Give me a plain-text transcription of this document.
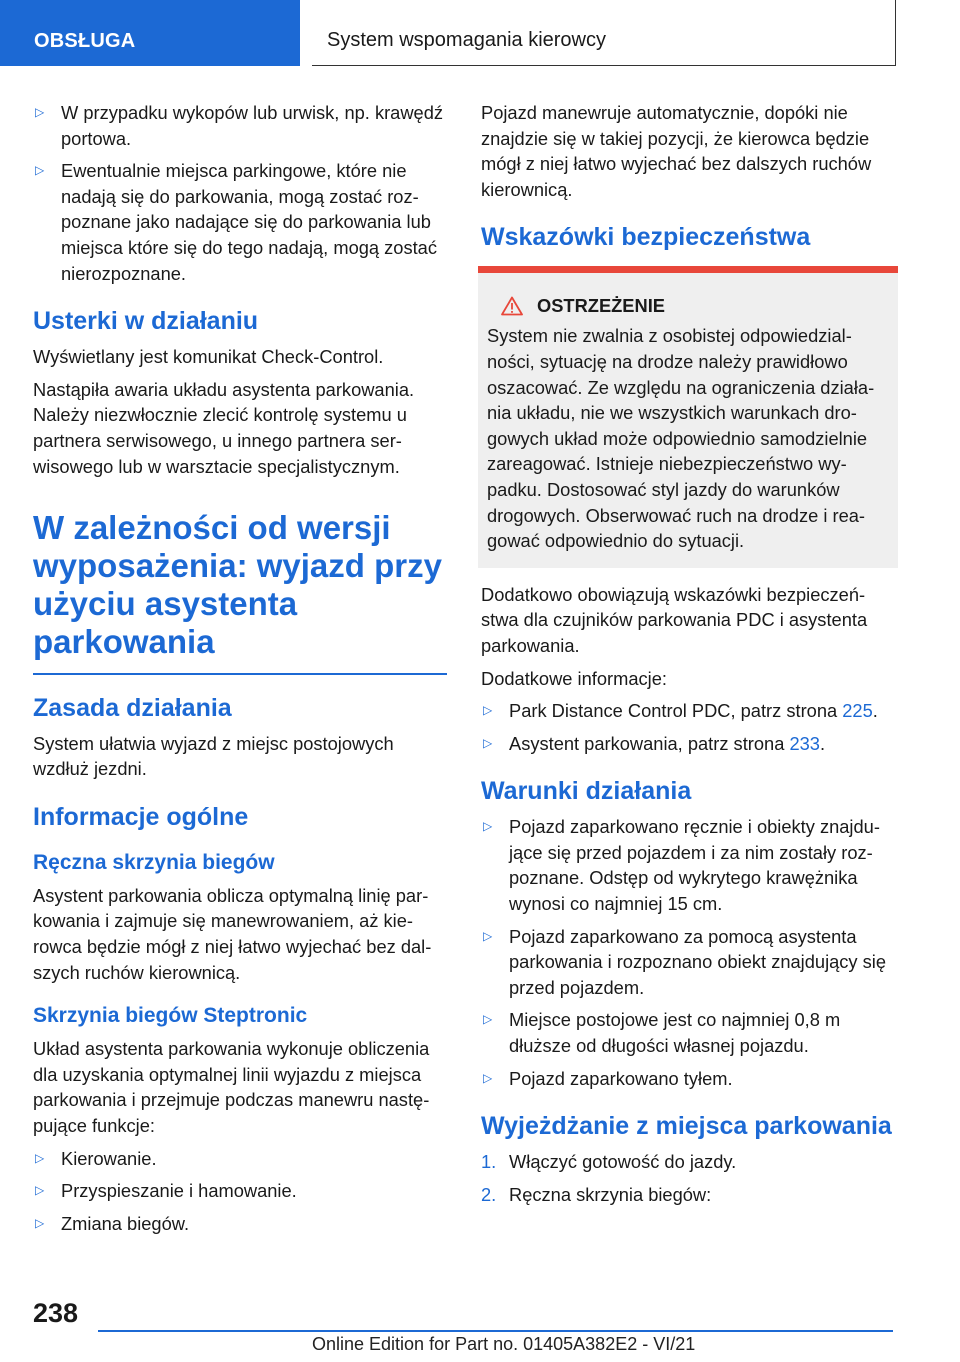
OBSŁUGA	System wspomagania kierowcy
▷ W przypadku wykopów lub urwisk, np. krawędź portowa.
▷ Ewentualnie miejsca parkingowe, które nie nadają się do parkowania, mogą zostać rozpoznane jako nadające się do parkowania lub miejsca które się do tego nadają, mogą zostać nierozpoznane.
Usterki w działaniu

Wyświetlany jest komunikat Check-Control.

Nastąpiła awaria układu asystenta parkowania. Należy niezwłocznie zlecić kontrolę systemu u partnera serwisowego, u innego partnera serwisowego lub w warsztacie specjalistycznym.

W zależności od wersji wyposażenia: wyjazd przy użyciu asystenta parkowania
Zasada działania

System ułatwia wyjazd z miejsc postojowych wzdłuż jezdni.

Informacje ogólne
Ręczna skrzynia biegów

Asystent parkowania oblicza optymalną linię parkowania i zajmuje się manewrowaniem, aż kierowca będzie mógł z niej łatwo wyjechać bez dalszych ruchów kierownicą.

Skrzynia biegów Steptronic

Układ asystenta parkowania wykonuje obliczenia dla uzyskania optymalnej linii wyjazdu z miejsca parkowania i przejmuje podczas manewru następujące funkcje:

▷ Kierowanie.
▷ Przyspieszanie i hamowanie.
▷ Zmiana biegów.

Pojazd manewruje automatycznie, dopóki nie znajdzie się w takiej pozycji, że kierowca będzie mógł z niej łatwo wyjechać bez dalszych ruchów kierownicą.

Wskazówki bezpieczeństwa
OSTRZEŻENIE

System nie zwalnia z osobistej odpowiedzialności, sytuację na drodze należy prawidłowo oszacować. Ze względu na ograniczenia działania układu, nie we wszystkich warunkach drogowych układ może odpowiednio samodzielnie zareagować. Istnieje niebezpieczeństwo wypadku. Dostosować styl jazdy do warunków drogowych. Obserwować ruch na drodze i reagować odpowiednio do sytuacji.

Dodatkowo obowiązują wskazówki bezpieczeństwa dla czujników parkowania PDC i asystenta parkowania.

Dodatkowe informacje:

▷ Park Distance Control PDC, patrz strona 225.
▷ Asystent parkowania, patrz strona 233.
Warunki działania
▷ Pojazd zaparkowano ręcznie i obiekty znajdujące się przed pojazdem i za nim zostały rozpoznane. Odstęp od wykrytego krawężnika wynosi co najmniej 15 cm.
▷ Pojazd zaparkowano za pomocą asystenta parkowania i rozpoznano obiekt znajdujący się przed pojazdem.
▷ Miejsce postojowe jest co najmniej 0,8 m dłuższe od długości własnej pojazdu.
▷ Pojazd zaparkowano tyłem.
Wyjeżdżanie z miejsca parkowania
1. Włączyć gotowość do jazdy.
2. Ręczna skrzynia biegów:
238
Online Edition for Part no. 01405A382E2 - VI/21
